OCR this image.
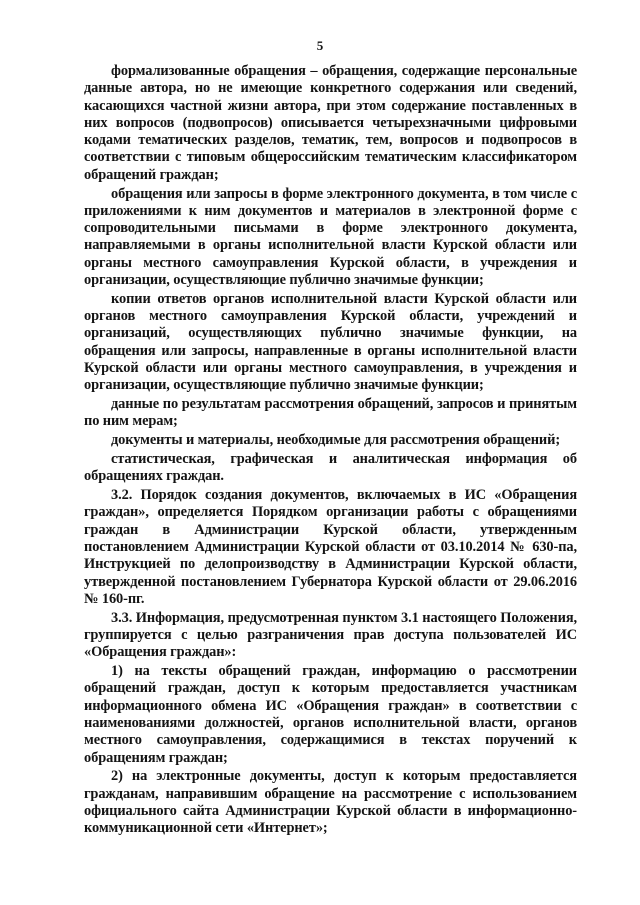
5

формализованные обращения – обращения, содержащие персональные данные автора, но не имеющие конкретного содержания или сведений, касающихся частной жизни автора, при этом содержание поставленных в них вопросов (подвопросов) описывается четырехзначными цифровыми кодами тематических разделов, тематик, тем, вопросов и подвопросов в соответствии с типовым общероссийским тематическим классификатором обращений граждан;

обращения или запросы в форме электронного документа, в том числе с приложениями к ним документов и материалов в электронной форме с сопроводительными письмами в форме электронного документа, направляемыми в органы исполнительной власти Курской области или органы местного самоуправления Курской области, в учреждения и организации, осуществляющие публично значимые функции;

копии ответов органов исполнительной власти Курской области или органов местного самоуправления Курской области, учреждений и организаций, осуществляющих публично значимые функции, на обращения или запросы, направленные в органы исполнительной власти Курской области или органы местного самоуправления, в учреждения и организации, осуществляющие публично значимые функции;

данные по результатам рассмотрения обращений, запросов и принятым по ним мерам;

документы и материалы, необходимые для рассмотрения обращений;

статистическая, графическая и аналитическая информация об обращениях граждан.

3.2. Порядок создания документов, включаемых в ИС «Обращения граждан», определяется Порядком организации работы с обращениями граждан в Администрации Курской области, утвержденным постановлением Администрации Курской области от 03.10.2014 № 630-па, Инструкцией по делопроизводству в Администрации Курской области, утвержденной постановлением Губернатора Курской области от 29.06.2016 № 160-пг.

3.3. Информация, предусмотренная пунктом 3.1 настоящего Положения, группируется с целью разграничения прав доступа пользователей ИС «Обращения граждан»:

1) на тексты обращений граждан, информацию о рассмотрении обращений граждан, доступ к которым предоставляется участникам информационного обмена ИС «Обращения граждан» в соответствии с наименованиями должностей, органов исполнительной власти, органов местного самоуправления, содержащимися в текстах поручений к обращениям граждан;

2) на электронные документы, доступ к которым предоставляется гражданам, направившим обращение на рассмотрение с использованием официального сайта Администрации Курской области в информационно-коммуникационной сети «Интернет»;
